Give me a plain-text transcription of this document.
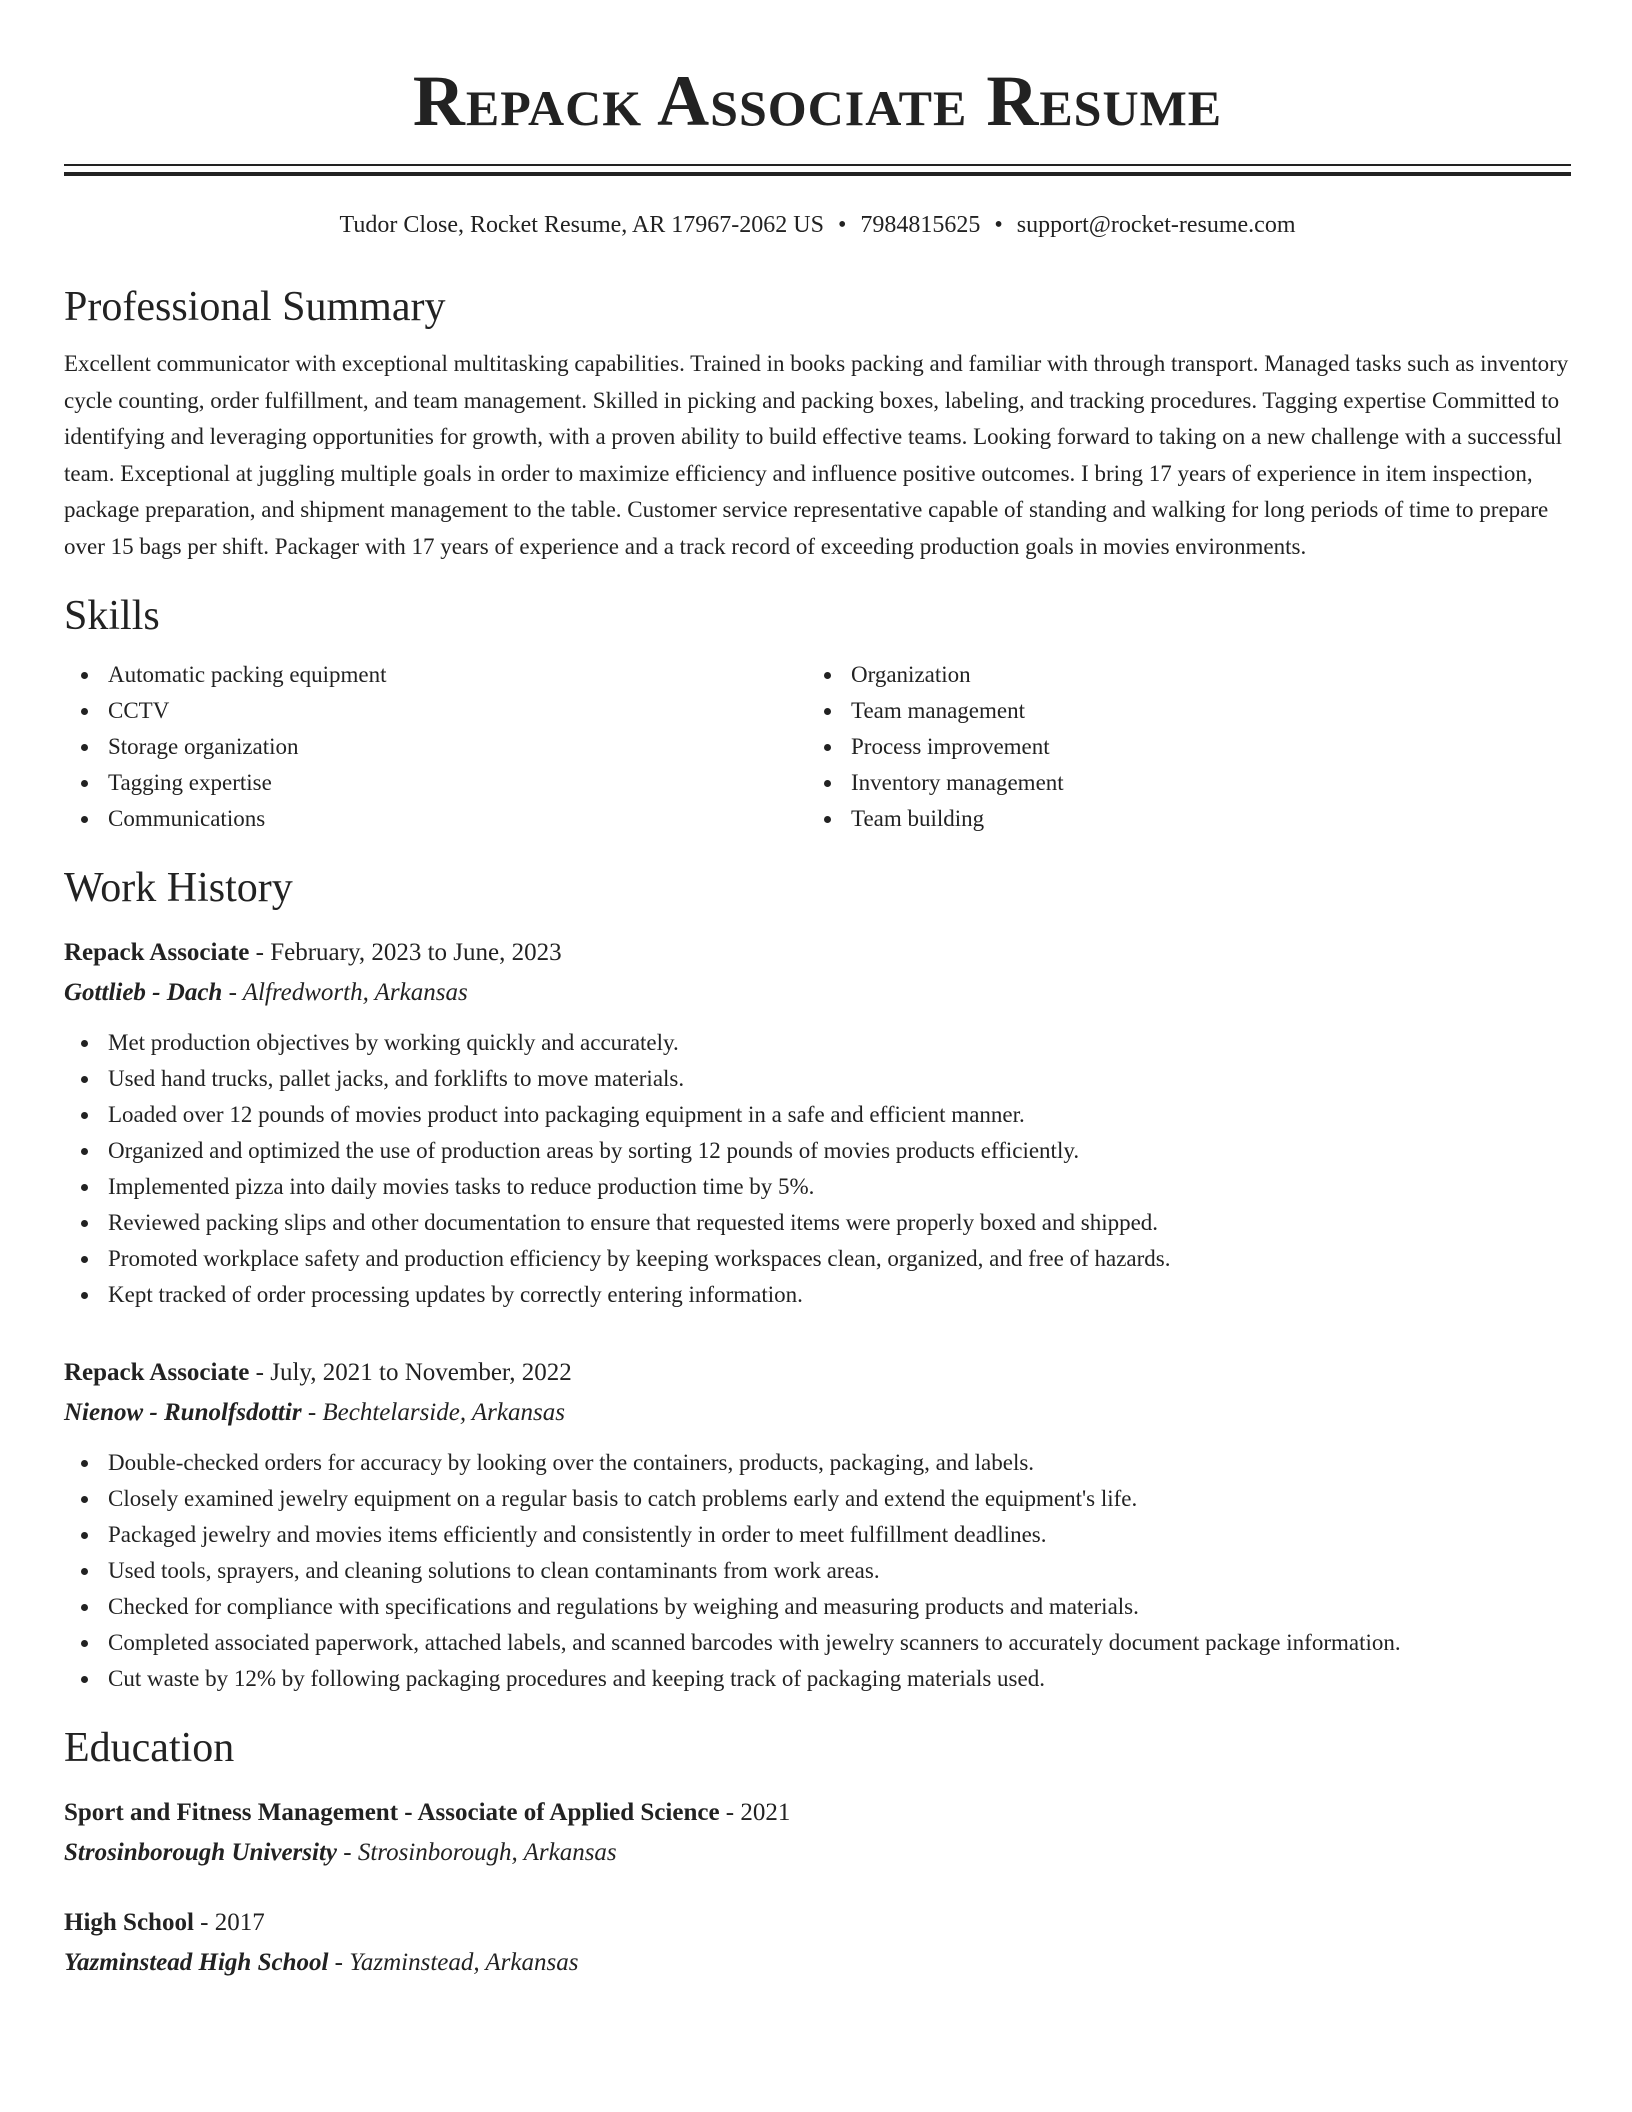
Repack Associate Resume
Tudor Close, Rocket Resume, AR 17967-2062 US • 7984815625 • support@rocket-resume.com
Professional Summary

Excellent communicator with exceptional multitasking capabilities. Trained in books packing and familiar with through transport. Managed tasks such as inventory cycle counting, order fulfillment, and team management. Skilled in picking and packing boxes, labeling, and tracking procedures. Tagging expertise Committed to identifying and leveraging opportunities for growth, with a proven ability to build effective teams. Looking forward to taking on a new challenge with a successful team. Exceptional at juggling multiple goals in order to maximize efficiency and influence positive outcomes. I bring 17 years of experience in item inspection, package preparation, and shipment management to the table. Customer service representative capable of standing and walking for long periods of time to prepare over 15 bags per shift. Packager with 17 years of experience and a track record of exceeding production goals in movies environments.

Skills
Automatic packing equipment
CCTV
Storage organization
Tagging expertise
Communications
Organization
Team management
Process improvement
Inventory management
Team building
Work History
Repack Associate - February, 2023 to June, 2023
Gottlieb - Dach - Alfredworth, Arkansas
Met production objectives by working quickly and accurately.
Used hand trucks, pallet jacks, and forklifts to move materials.
Loaded over 12 pounds of movies product into packaging equipment in a safe and efficient manner.
Organized and optimized the use of production areas by sorting 12 pounds of movies products efficiently.
Implemented pizza into daily movies tasks to reduce production time by 5%.
Reviewed packing slips and other documentation to ensure that requested items were properly boxed and shipped.
Promoted workplace safety and production efficiency by keeping workspaces clean, organized, and free of hazards.
Kept tracked of order processing updates by correctly entering information.
Repack Associate - July, 2021 to November, 2022
Nienow - Runolfsdottir - Bechtelarside, Arkansas
Double-checked orders for accuracy by looking over the containers, products, packaging, and labels.
Closely examined jewelry equipment on a regular basis to catch problems early and extend the equipment's life.
Packaged jewelry and movies items efficiently and consistently in order to meet fulfillment deadlines.
Used tools, sprayers, and cleaning solutions to clean contaminants from work areas.
Checked for compliance with specifications and regulations by weighing and measuring products and materials.
Completed associated paperwork, attached labels, and scanned barcodes with jewelry scanners to accurately document package information.
Cut waste by 12% by following packaging procedures and keeping track of packaging materials used.
Education
Sport and Fitness Management - Associate of Applied Science - 2021
Strosinborough University - Strosinborough, Arkansas
High School - 2017
Yazminstead High School - Yazminstead, Arkansas
